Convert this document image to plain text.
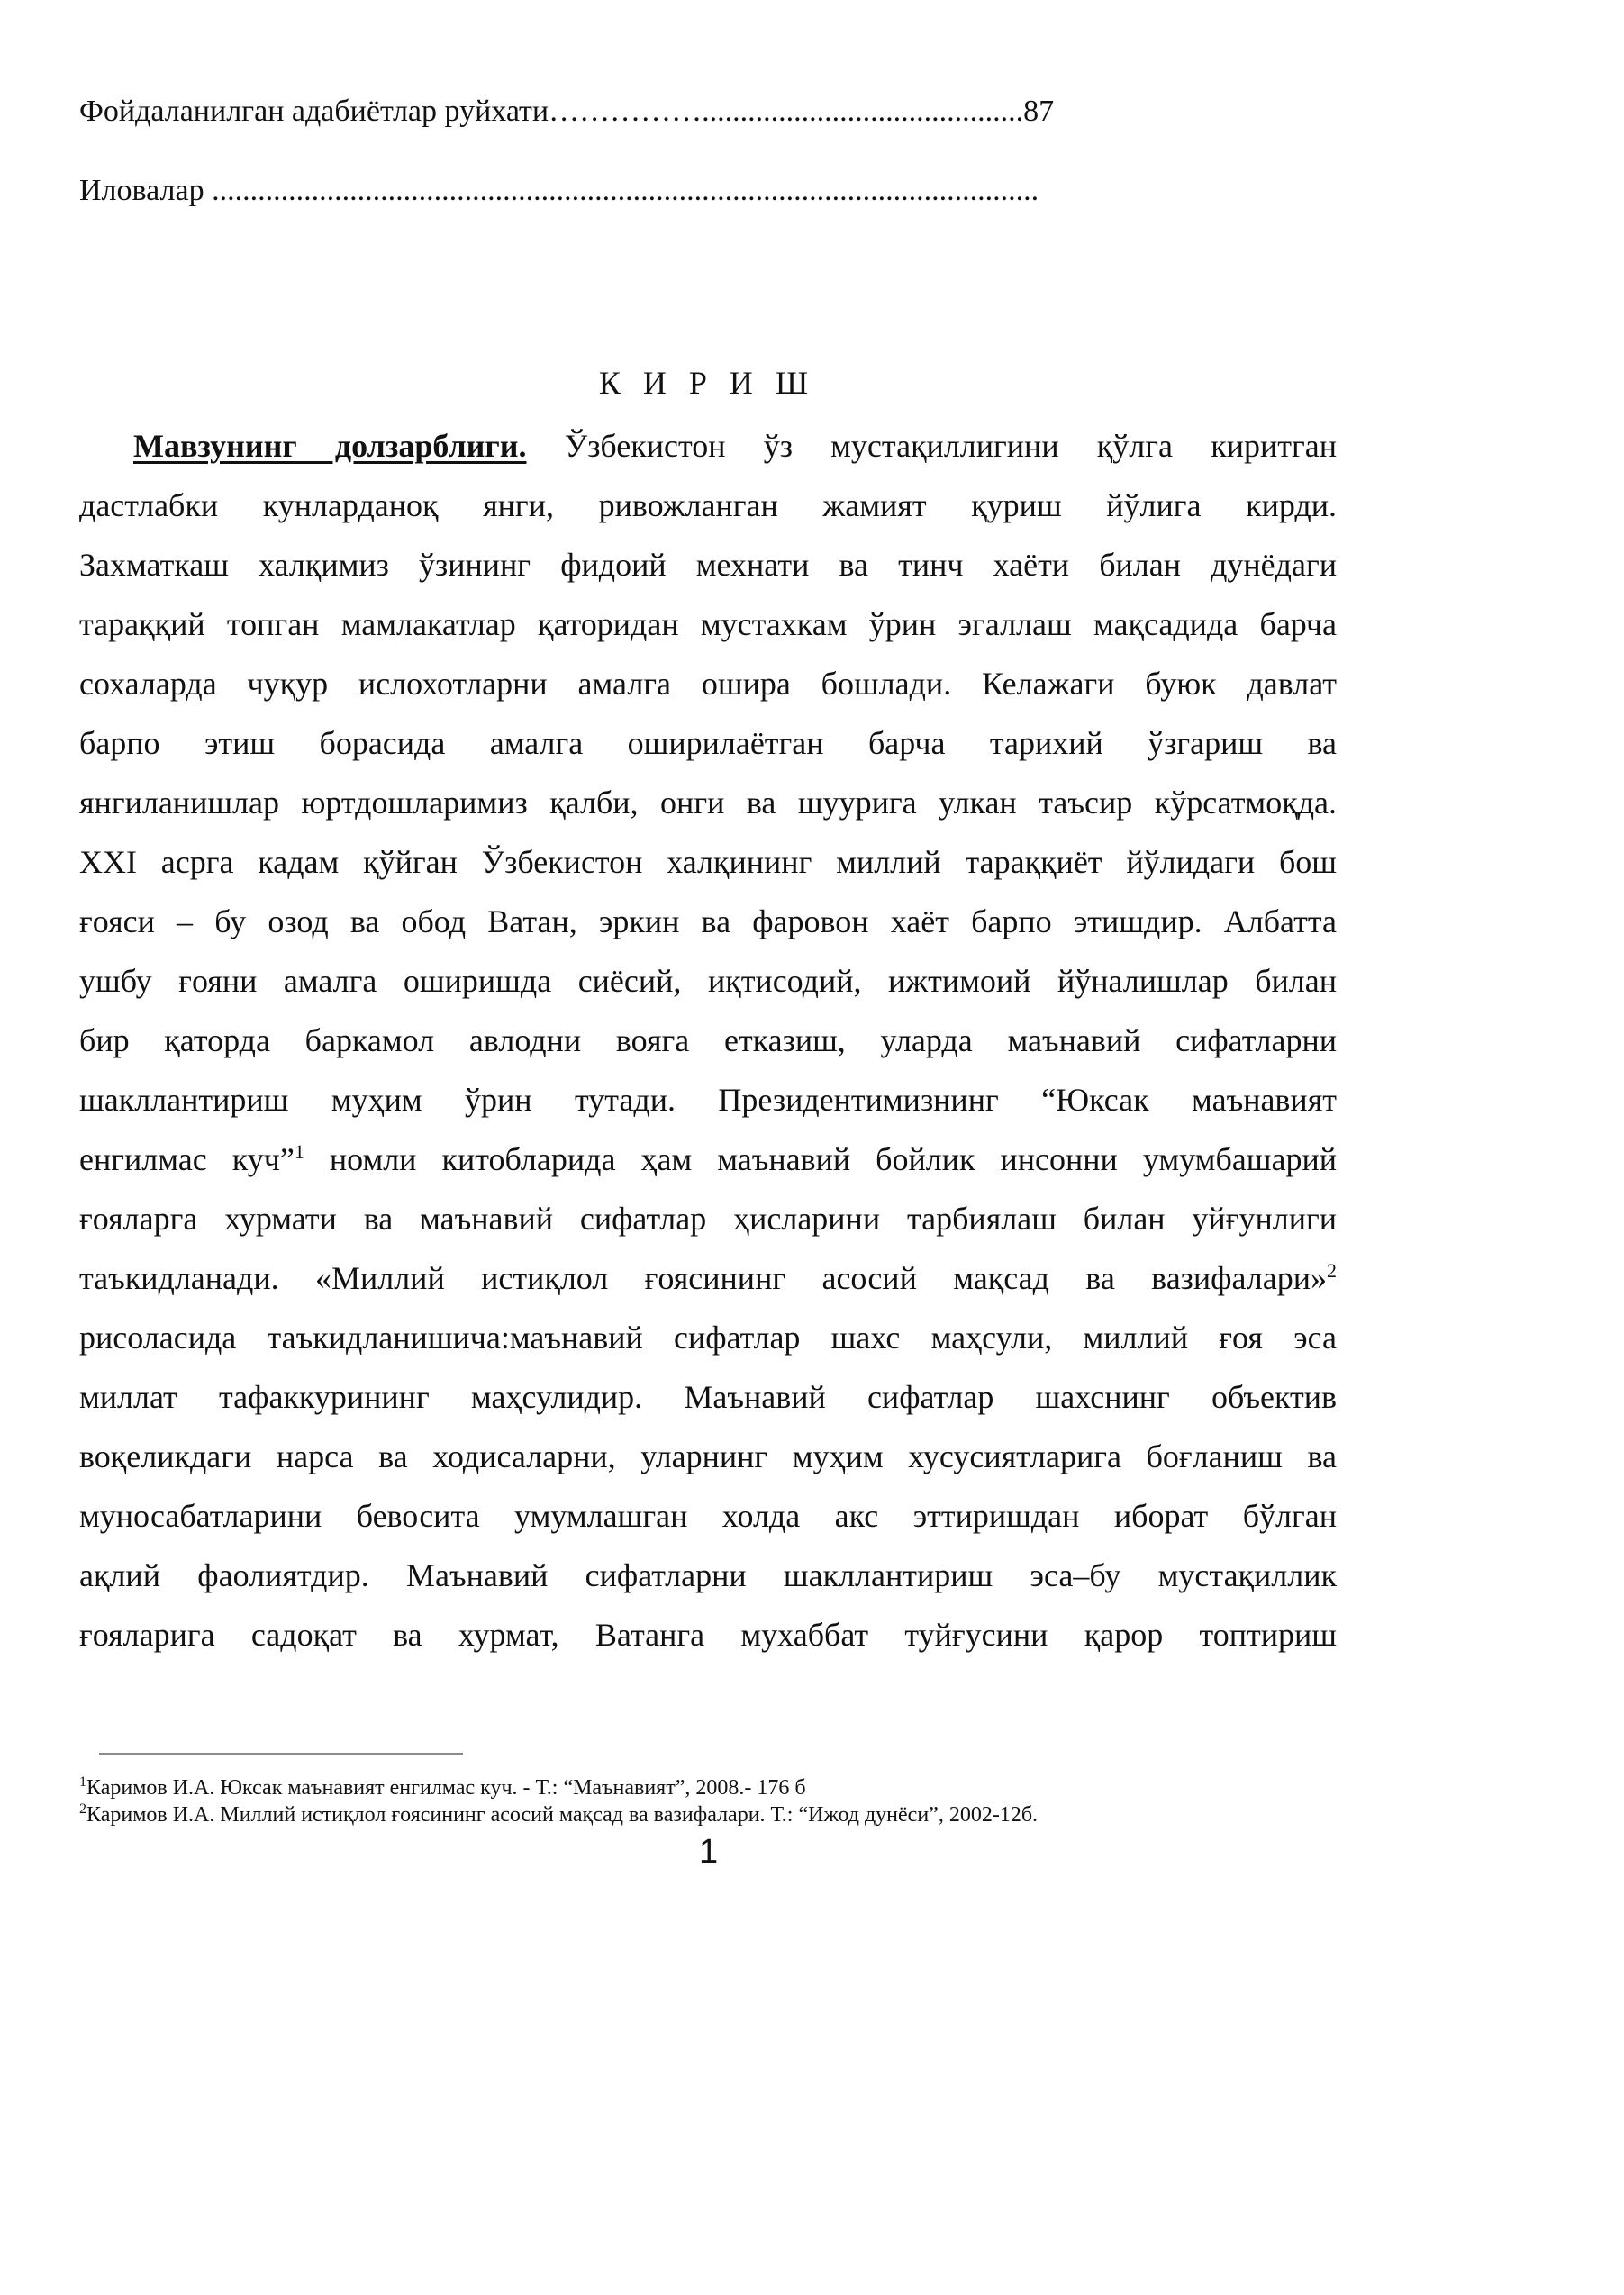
Фойдаланилган адабиётлар руйхати……………..........................................87
Иловалар ............................................................................................................
К И Р И Ш
Мавзунинг долзарблиги. Ўзбекистон ўз мустақиллигини қўлга киритган
дастлабки кунларданоқ янги, ривожланган жамият қуриш йўлига кирди.
Захматкаш халқимиз ўзининг фидоий мехнати ва тинч хаёти билан дунёдаги
тараққий топган мамлакатлар қаторидан мустахкам ўрин эгаллаш мақсадида барча
сохаларда чуқур ислохотларни амалга ошира бошлади. Келажаги буюк давлат
барпо этиш борасида амалга оширилаётган барча тарихий ўзгариш ва
янгиланишлар юртдошларимиз қалби, онги ва шуурига улкан таъсир кўрсатмоқда.
XXI асрга кадам қўйган Ўзбекистон халқининг миллий тараққиёт йўлидаги бош
ғояси – бу озод ва обод Ватан, эркин ва фаровон хаёт барпо этишдир. Албатта
ушбу ғояни амалга оширишда сиёсий, иқтисодий, ижтимоий йўналишлар билан
бир қаторда баркамол авлодни вояга етказиш, уларда маънавий сифатларни
шакллантириш муҳим ўрин тутади. Президентимизнинг “Юксак маънавият
енгилмас куч”$^1$ номли китобларида ҳам маънавий бойлик инсонни умумбашарий
ғояларга хурмати ва маънавий сифатлар ҳисларини тарбиялаш билан уйғунлиги
таъкидланади. «Миллий истиқлол ғоясининг асосий мақсад ва вазифалари»$^2$
рисоласида таъкидланишича:маънавий сифатлар шахс маҳсули, миллий ғоя эса
миллат тафаккурининг маҳсулидир. Маънавий сифатлар шахснинг объектив
воқеликдаги нарса ва ходисаларни, уларнинг муҳим хусусиятларига боғланиш ва
муносабатларини бевосита умумлашган холда акс эттиришдан иборат бўлган
ақлий фаолиятдир. Маънавий сифатларни шакллантириш эса–бу мустақиллик
ғояларига садоқат ва хурмат, Ватанга мухаббат туйғусини қарор топтириш
$^1$Каримов И.А. Юксак маънавият енгилмас куч. - Т.: “Маънавият”, 2008.- 176 б
$^2$Каримов И.А. Миллий истиқлол ғоясининг асосий мақсад ва вазифалари. Т.: “Ижод дунёси”, 2002-12б.
1
